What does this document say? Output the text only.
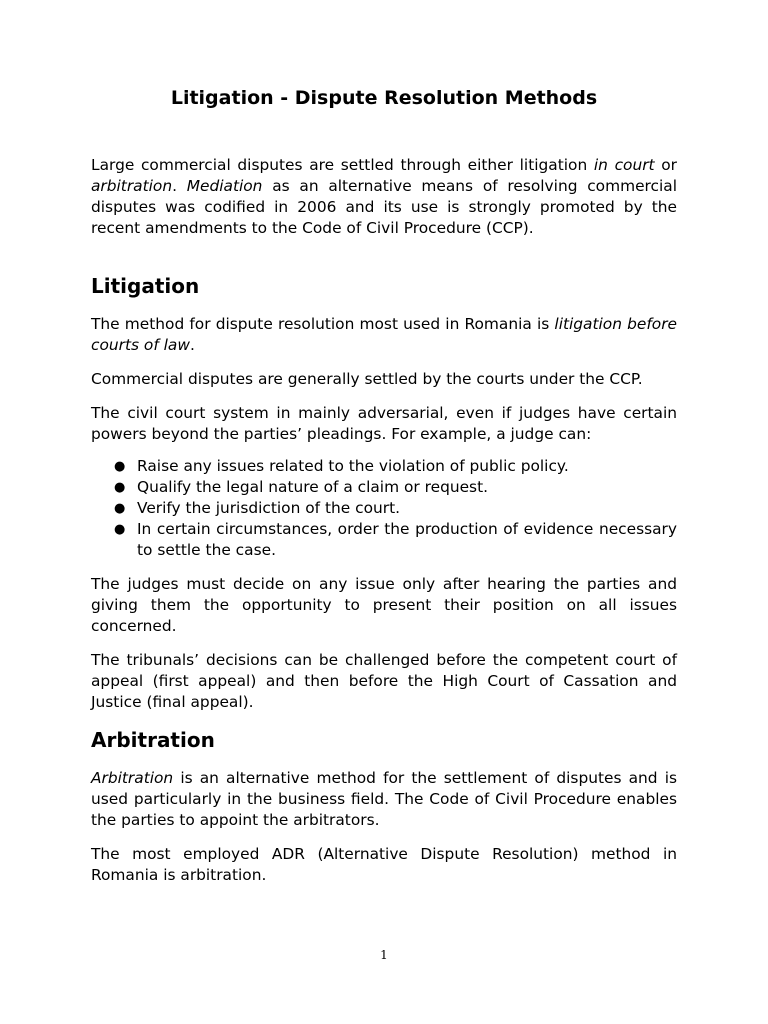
Litigation - Dispute Resolution Methods

Large commercial disputes are settled through either litigation in court or arbitration. Mediation as an alternative means of resolving commercial disputes was codified in 2006 and its use is strongly promoted by the recent amendments to the Code of Civil Procedure (CCP).

Litigation

The method for dispute resolution most used in Romania is litigation before courts of law.

Commercial disputes are generally settled by the courts under the CCP.

The civil court system in mainly adversarial, even if judges have certain powers beyond the parties’ pleadings. For example, a judge can:

● Raise any issues related to the violation of public policy.
● Qualify the legal nature of a claim or request.
● Verify the jurisdiction of the court.
● In certain circumstances, order the production of evidence necessary to settle the case.

The judges must decide on any issue only after hearing the parties and giving them the opportunity to present their position on all issues concerned.

The tribunals’ decisions can be challenged before the competent court of appeal (first appeal) and then before the High Court of Cassation and Justice (final appeal).

Arbitration

Arbitration is an alternative method for the settlement of disputes and is used particularly in the business field. The Code of Civil Procedure enables the parties to appoint the arbitrators.

The most employed ADR (Alternative Dispute Resolution) method in Romania is arbitration.

1
